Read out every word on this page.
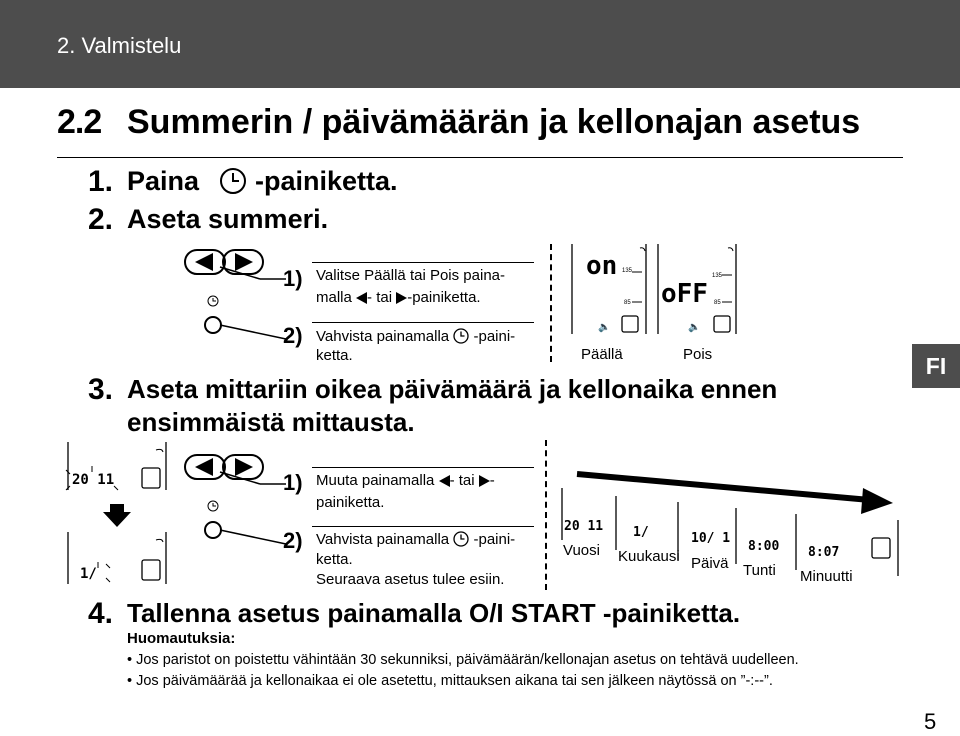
2. Valmistelu
FI
2.2 Summerin / päivämäärän ja kellonajan asetus
1. Paina -painiketta.
2. Aseta summeri.
1) Valitse Päällä tai Pois paina-
malla - tai -painiketta.
2) Vahvista painamalla -paini-
ketta.
on 135
85
🔈
Päällä
oFF
135
85
🔈
Pois
3. Aseta mittariin oikea päivämäärä ja kellonaika ennen
ensimmäistä mittausta.
20 11
1/
1) Muuta painamalla - tai -
painiketta.
2) Vahvista painamalla -paini-
ketta.
Seuraava asetus tulee esiin.
20 11 1/	10/ 1
8:00 8:07
Vuosi Kuukausi Päivä Tunti Minuutti
4. Tallenna asetus painamalla O/I START -painiketta.
Huomautuksia:
• Jos paristot on poistettu vähintään 30 sekunniksi, päivämäärän/kellonajan asetus on tehtävä uudelleen.
• Jos päivämäärää ja kellonaikaa ei ole asetettu, mittauksen aikana tai sen jälkeen näytössä on ”-:--”.
5
